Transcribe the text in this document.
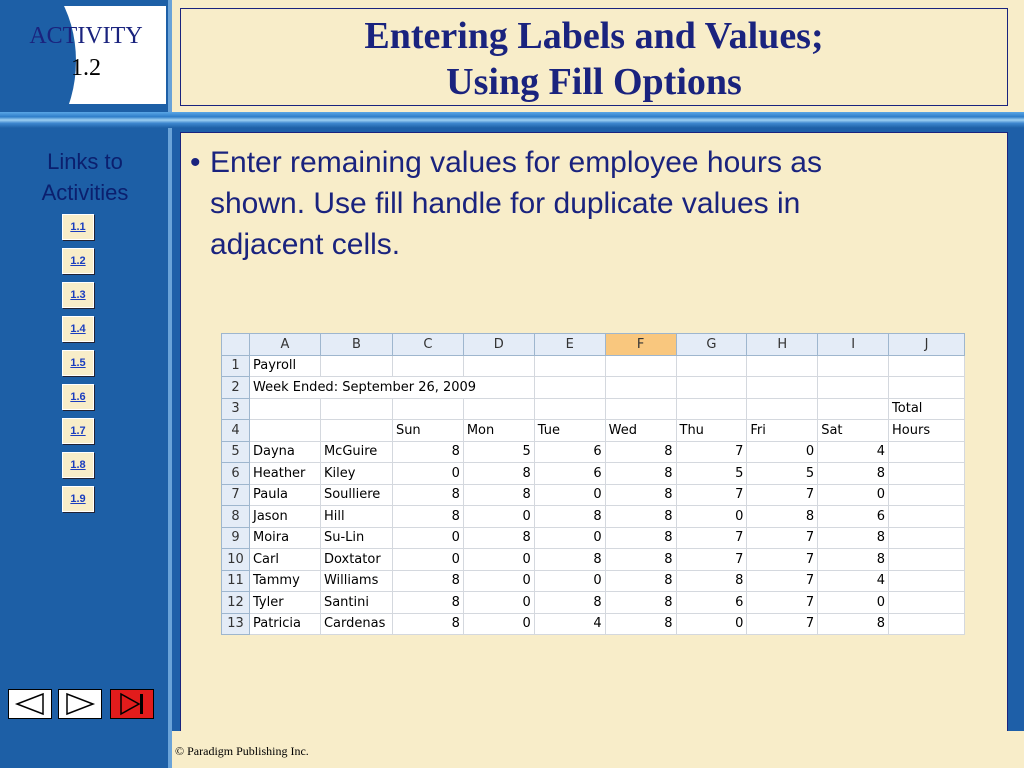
ACTIVITY
1.2
Entering Labels and Values;
Using Fill Options
Links to
Activities
1.1
1.2
1.3
1.4
1.5
1.6
1.7
1.8
1.9
• Enter remaining values for employee hours as
shown. Use fill handle for duplicate values in
adjacent cells.
	A	B	C	D	E	F	G	H	I	J
1	Payroll									
2	Week Ended: September 26, 2009									
3										Total
4			Sun	Mon	Tue	Wed	Thu	Fri	Sat	Hours
5	Dayna	McGuire	8	5	6	8	7	0	4	
6	Heather	Kiley	0	8	6	8	5	5	8	
7	Paula	Soulliere	8	8	0	8	7	7	0	
8	Jason	Hill	8	0	8	8	0	8	6	
9	Moira	Su-Lin	0	8	0	8	7	7	8	
10	Carl	Doxtator	0	0	8	8	7	7	8	
11	Tammy	Williams	8	0	0	8	8	7	4	
12	Tyler	Santini	8	0	8	8	6	7	0	
13	Patricia	Cardenas	8	0	4	8	0	7	8	
© Paradigm Publishing Inc.
